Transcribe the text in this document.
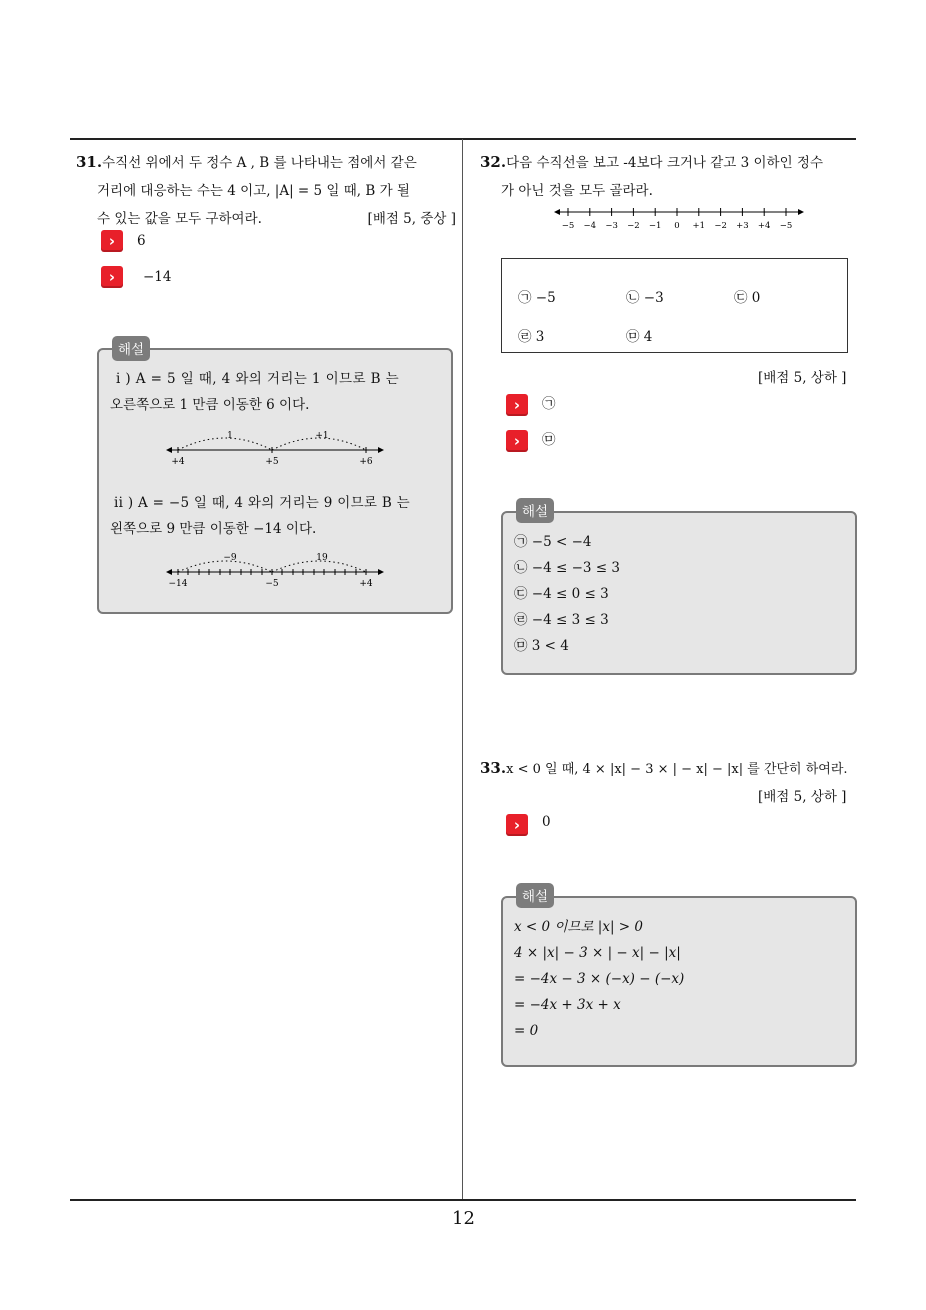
12
31.수직선 위에서 두 정수 A , B 를 나타내는 점에서 같은
거리에 대응하는 수는 4 이고, |A| = 5 일 때, B 가 될
수 있는 값을 모두 구하여라.	[배점 5, 중상 ]
›	6
›	−14
해설
i ) A = 5 일 때, 4 와의 거리는 1 이므로 B 는
오른쪽으로 1 만큼 이동한 6 이다.
1	+1
+4	+5	+6
ii ) A = −5 일 때, 4 와의 거리는 9 이므로 B 는
왼쪽으로 9 만큼 이동한 −14 이다.
−9	19
−14	−5	+4
32.다음 수직선을 보고 -4보다 크거나 같고 3 이하인 정수
가 아닌 것을 모두 골라라.
−5 −4 −3 −2 −1 0 +1 −2 +3 +4 −5
㉠ −5	㉡ −3	㉢ 0
㉣ 3	㉤ 4
[배점 5, 상하 ]
›	㉠
›	㉤
해설
㉠ −5 < −4
㉡ −4 ≤ −3 ≤ 3
㉢ −4 ≤ 0 ≤ 3
㉣ −4 ≤ 3 ≤ 3
㉤ 3 < 4
33.x < 0 일 때, 4 × |x| − 3 × | − x| − |x| 를 간단히 하여라.
[배점 5, 상하 ]
›	0
해설
x < 0 이므로 |x| > 0
4 × |x| − 3 × | − x| − |x|
= −4x − 3 × (−x) − (−x)
= −4x + 3x + x
= 0
